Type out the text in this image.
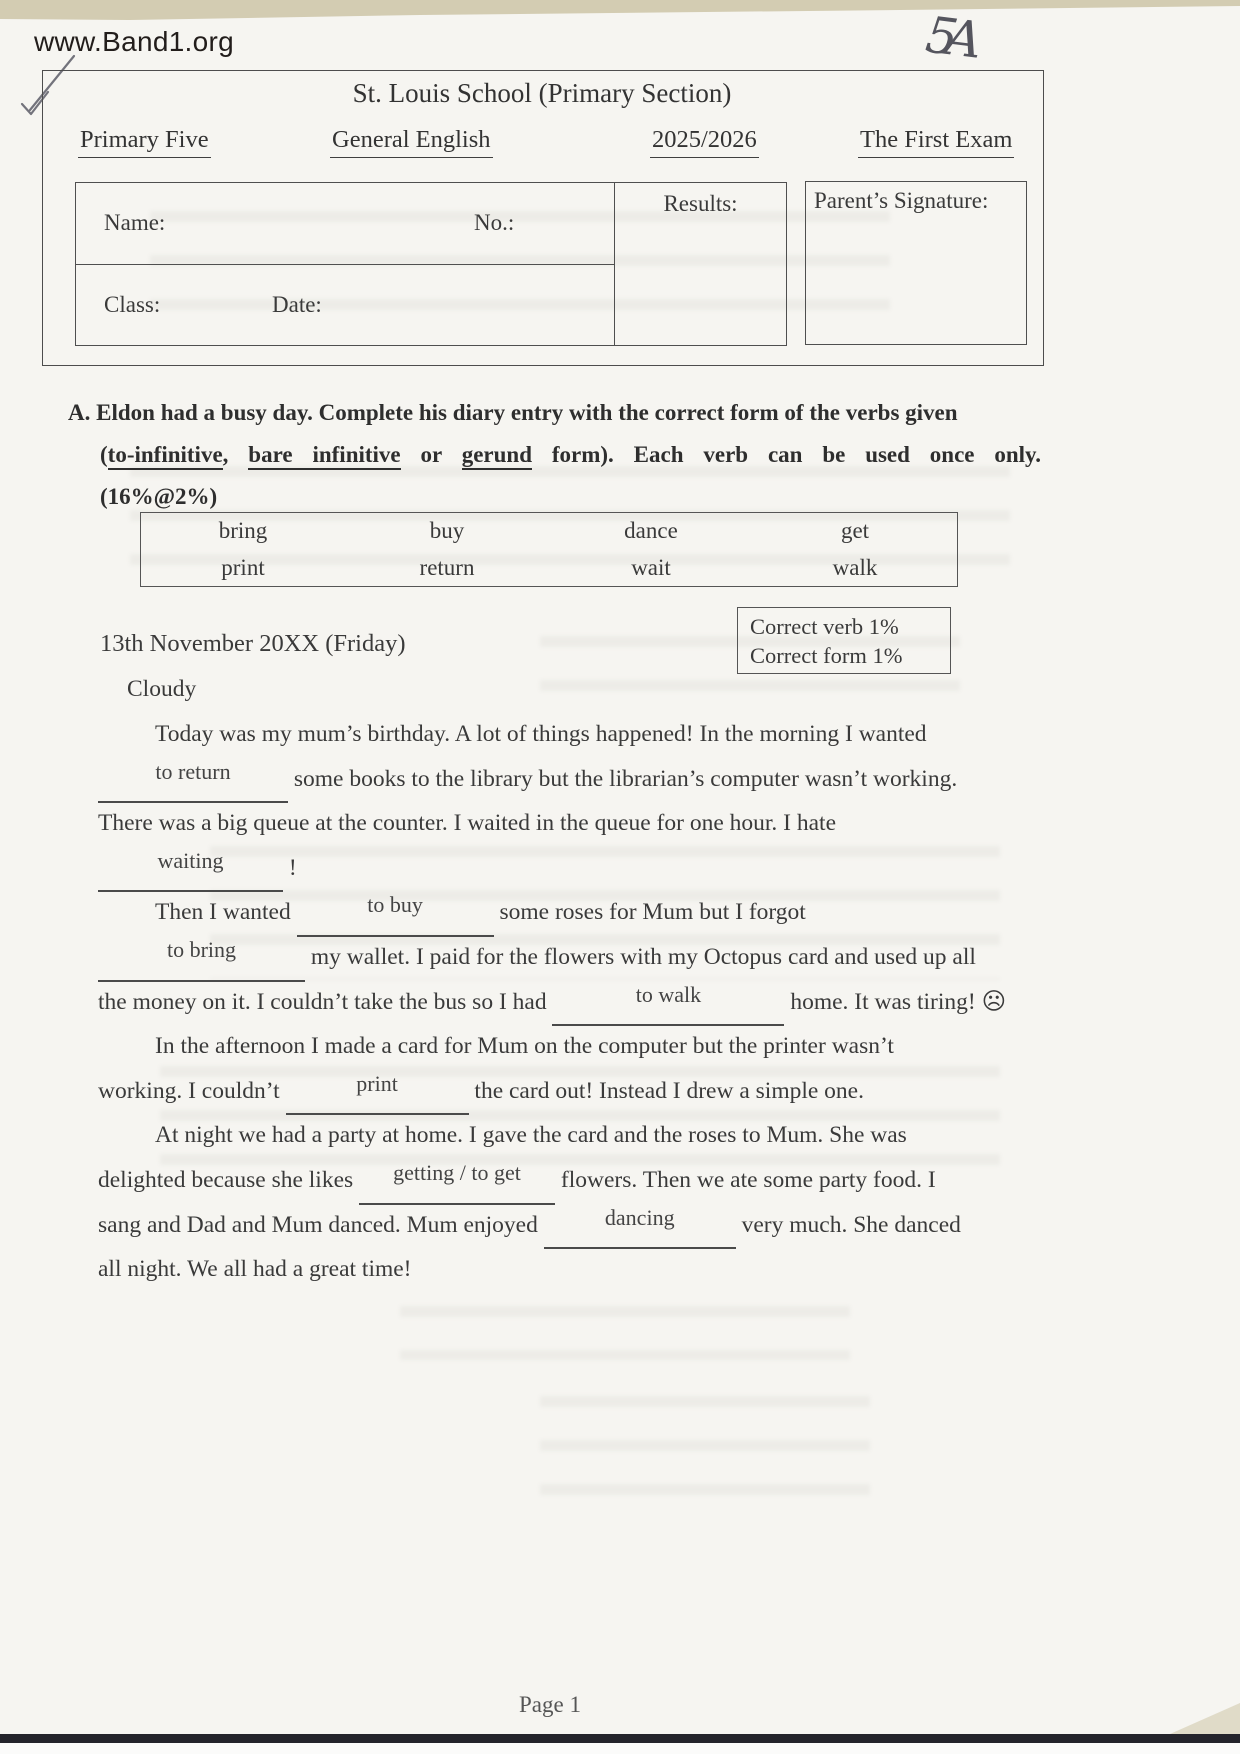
www.Band1.org	5A
St. Louis School (Primary Section)
Primary Five	General English	2025/2026	The First Exam
Name:	No.:
Class:	Date:
Results:	Parent’s Signature:
A. Eldon had a busy day. Complete his diary entry with the correct form of the verbs given
(to-infinitive, bare infinitive or gerund form). Each verb can be used once only.
(16%@2%)
bring	buy	dance	get
print	return	wait	walk
Correct verb 1%
Correct form 1%
13th November 20XX (Friday)
Cloudy
Today was my mum’s birthday. A lot of things happened! In the morning I wanted
to return	some books to the library but the librarian’s computer wasn’t working.
There was a big queue at the counter. I waited in the queue for one hour. I hate
waiting	!
Then I wanted	to buy	some roses for Mum but I forgot
to bring	my wallet. I paid for the flowers with my Octopus card and used up all
the money on it. I couldn’t take the bus so I had	to walk	home. It was tiring! ☹
In the afternoon I made a card for Mum on the computer but the printer wasn’t
working. I couldn’t	print	the card out! Instead I drew a simple one.
At night we had a party at home. I gave the card and the roses to Mum. She was
delighted because she likes getting / to get flowers. Then we ate some party food. I
sang and Dad and Mum danced. Mum enjoyed	dancing	very much. She danced
all night. We all had a great time!
Page 1
